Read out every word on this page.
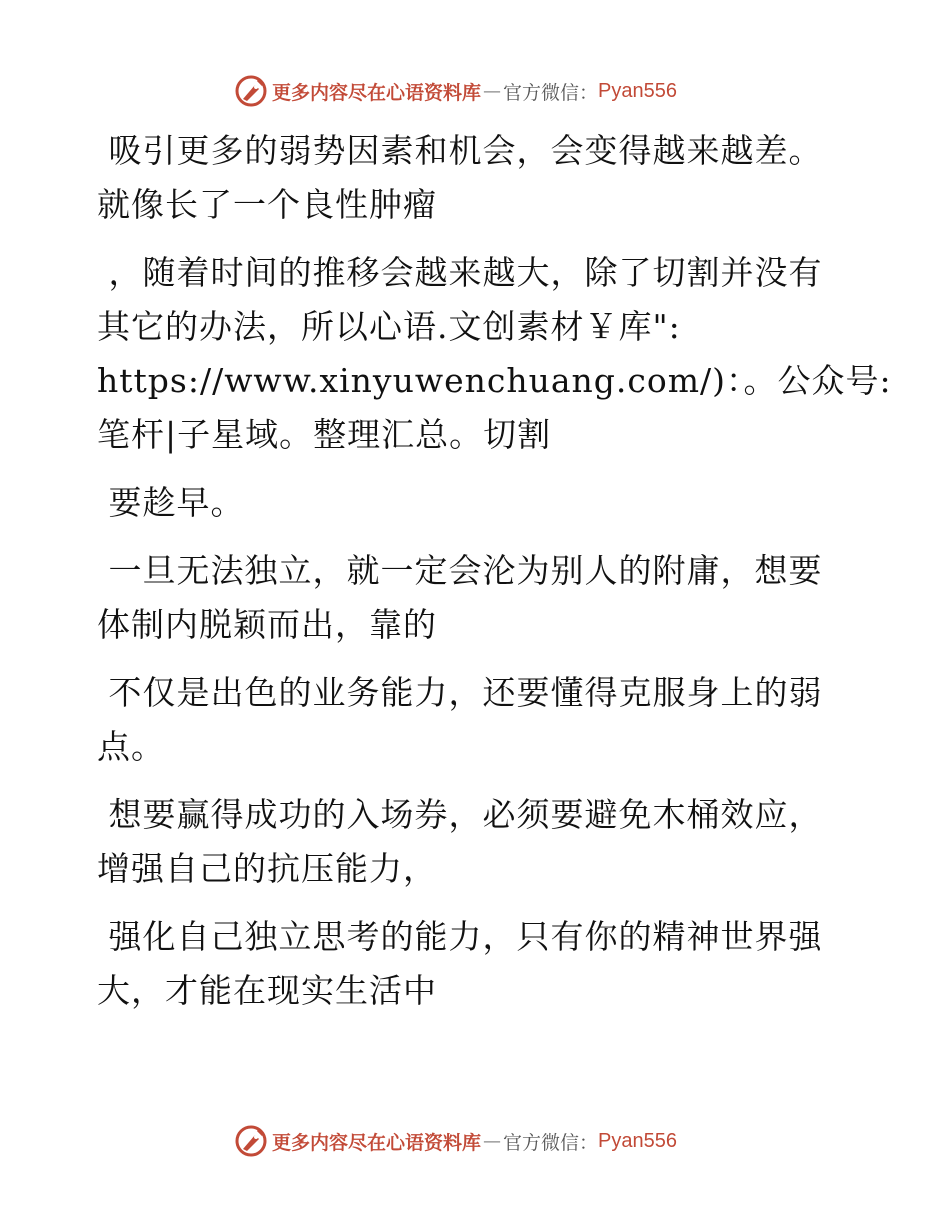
更多内容尽在心语资料库 — 官方微信： Pyan556

吸引更多的弱势因素和机会，会变得越来越差。
就像长了一个良性肿瘤

，随着时间的推移会越来越大，除了切割并没有
其它的办法，所以心语.文创素材￥库":
https://www.xinyuwenchuang.com/)：。公众号:
笔杆|子星域。整理汇总。切割

要趁早。

一旦无法独立，就一定会沦为别人的附庸，想要
体制内脱颖而出，靠的

不仅是出色的业务能力，还要懂得克服身上的弱
点。

想要赢得成功的入场券，必须要避免木桶效应，
增强自己的抗压能力，

强化自己独立思考的能力，只有你的精神世界强
大，才能在现实生活中

更多内容尽在心语资料库 — 官方微信： Pyan556
